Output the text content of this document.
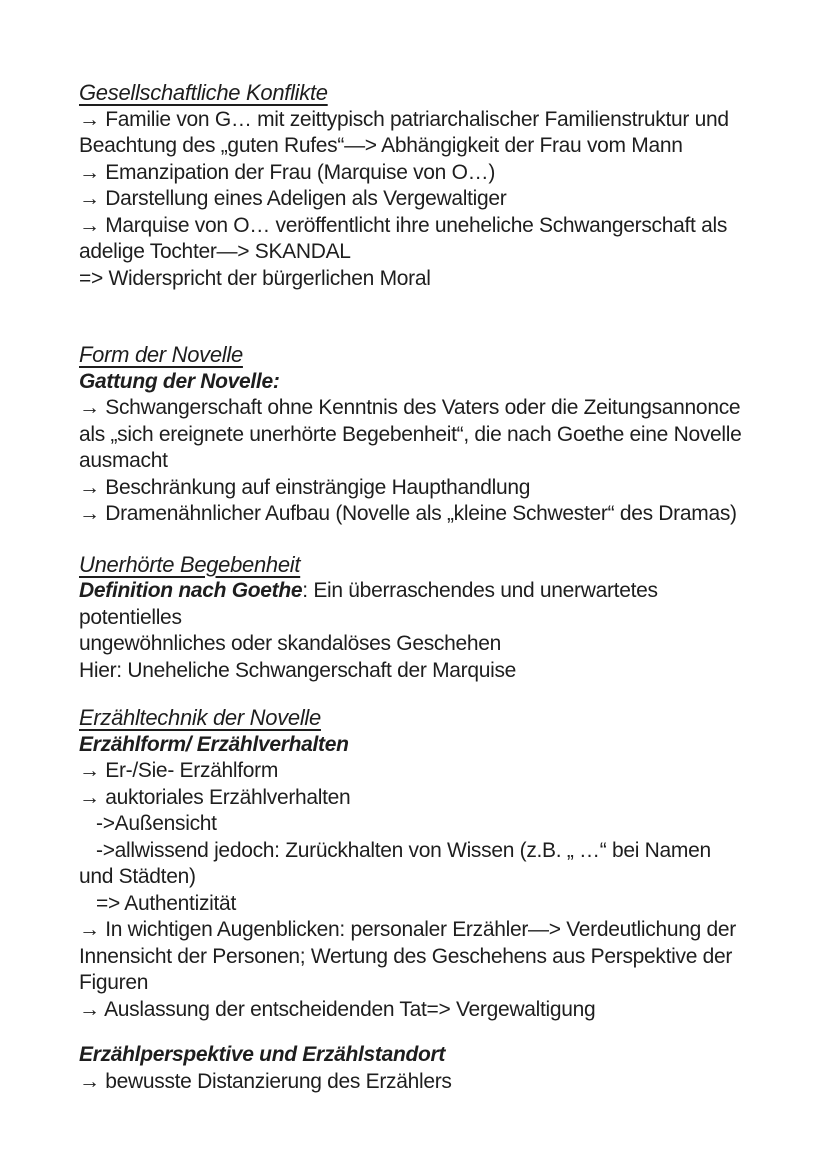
Gesellschaftliche Konflikte
→ Familie von G… mit zeittypisch patriarchalischer Familienstruktur und
Beachtung des „guten Rufes“—> Abhängigkeit der Frau vom Mann
→ Emanzipation der Frau (Marquise von O…)
→ Darstellung eines Adeligen als Vergewaltiger
→ Marquise von O… veröffentlicht ihre uneheliche Schwangerschaft als
adelige Tochter—> SKANDAL
=> Widerspricht der bürgerlichen Moral
Form der Novelle
Gattung der Novelle:
→ Schwangerschaft ohne Kenntnis des Vaters oder die Zeitungsannonce
als „sich ereignete unerhörte Begebenheit“, die nach Goethe eine Novelle
ausmacht
→ Beschränkung auf einsträngige Haupthandlung
→ Dramenähnlicher Aufbau (Novelle als „kleine Schwester“ des Dramas)
Unerhörte Begebenheit
Definition nach Goethe: Ein überraschendes und unerwartetes potentielles
ungewöhnliches oder skandalöses Geschehen
Hier: Uneheliche Schwangerschaft der Marquise
Erzähltechnik der Novelle
Erzählform/ Erzählverhalten
→ Er-/Sie- Erzählform
→ auktoriales Erzählverhalten
->Außensicht
->allwissend jedoch: Zurückhalten von Wissen (z.B. „ …“ bei Namen
und Städten)
=> Authentizität
→ In wichtigen Augenblicken: personaler Erzähler—> Verdeutlichung der
Innensicht der Personen; Wertung des Geschehens aus Perspektive der
Figuren
→ Auslassung der entscheidenden Tat=> Vergewaltigung
Erzählperspektive und Erzählstandort
→ bewusste Distanzierung des Erzählers
